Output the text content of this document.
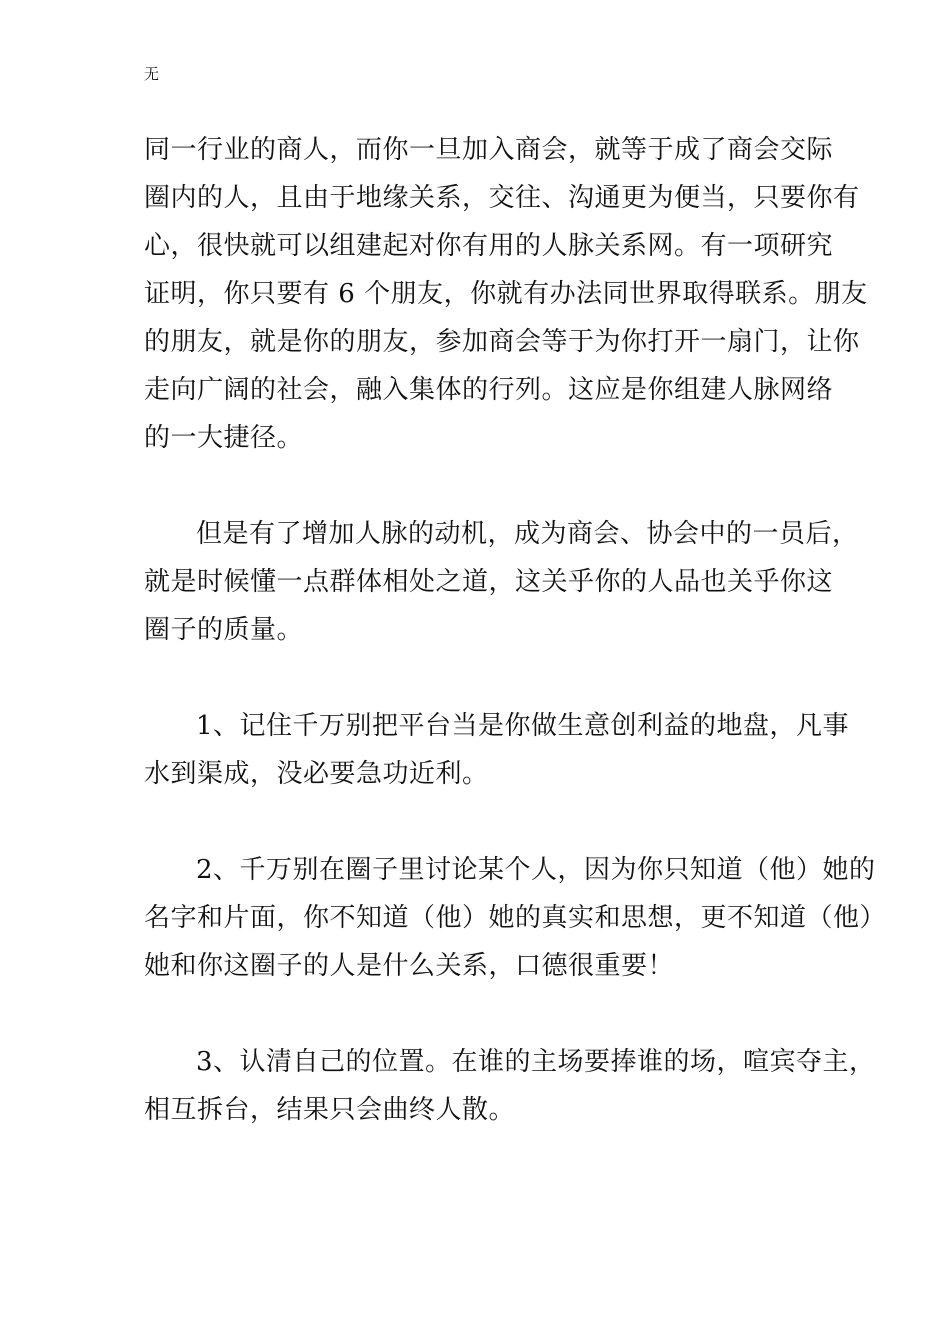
无
同一行业的商人，而你一旦加入商会，就等于成了商会交际
圈内的人，且由于地缘关系，交往、沟通更为便当，只要你有
心，很快就可以组建起对你有用的人脉关系网。有一项研究
证明，你只要有 6 个朋友，你就有办法同世界取得联系。朋友
的朋友，就是你的朋友，参加商会等于为你打开一扇门，让你
走向广阔的社会，融入集体的行列。这应是你组建人脉网络
的一大捷径。
但是有了增加人脉的动机，成为商会、协会中的一员后，
就是时候懂一点群体相处之道，这关乎你的人品也关乎你这
圈子的质量。
1、记住千万别把平台当是你做生意创利益的地盘，凡事
水到渠成，没必要急功近利。
2、千万别在圈子里讨论某个人，因为你只知道（他）她的
名字和片面，你不知道（他）她的真实和思想，更不知道（他）
她和你这圈子的人是什么关系，口德很重要！
3、认清自己的位置。在谁的主场要捧谁的场，喧宾夺主，
相互拆台，结果只会曲终人散。
